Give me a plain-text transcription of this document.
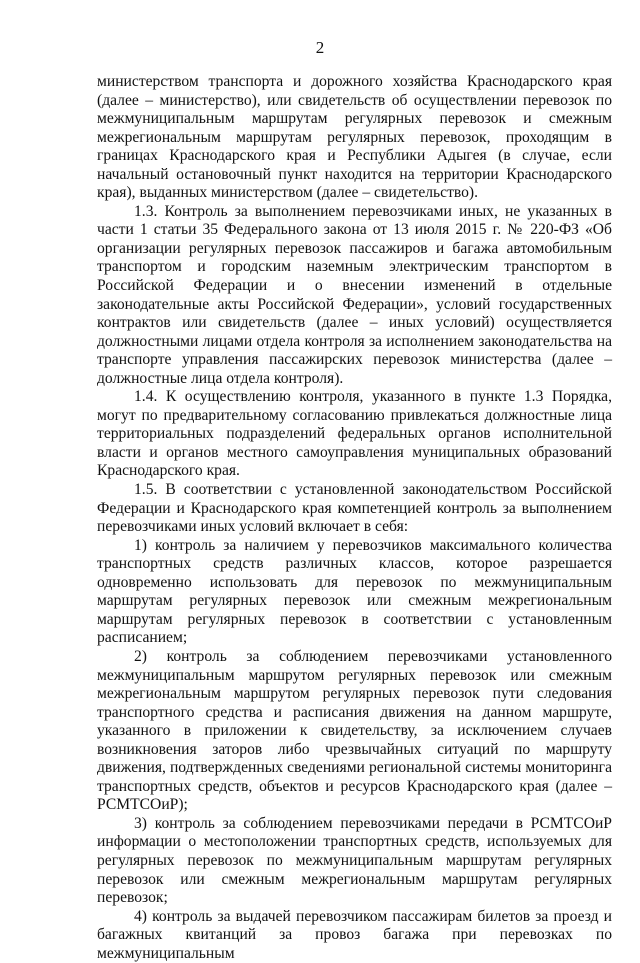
2

министерством транспорта и дорожного хозяйства Краснодарского края (далее – министерство), или свидетельств об осуществлении перевозок по межмуниципальным маршрутам регулярных перевозок и смежным межрегиональным маршрутам регулярных перевозок, проходящим в границах Краснодарского края и Республики Адыгея (в случае, если начальный остановочный пункт находится на территории Краснодарского края), выданных министерством (далее – свидетельство).

1.3. Контроль за выполнением перевозчиками иных, не указанных в части 1 статьи 35 Федерального закона от 13 июля 2015 г. № 220-ФЗ «Об организации регулярных перевозок пассажиров и багажа автомобильным транспортом и городским наземным электрическим транспортом в Российской Федерации и о внесении изменений в отдельные законодательные акты Российской Федерации», условий государственных контрактов или свидетельств (далее – иных условий) осуществляется должностными лицами отдела контроля за исполнением законодательства на транспорте управления пассажирских перевозок министерства (далее – должностные лица отдела контроля).

1.4. К осуществлению контроля, указанного в пункте 1.3 Порядка, могут по предварительному согласованию привлекаться должностные лица территориальных подразделений федеральных органов исполнительной власти и органов местного самоуправления муниципальных образований Краснодарского края.

1.5. В соответствии с установленной законодательством Российской Федерации и Краснодарского края компетенцией контроль за выполнением перевозчиками иных условий включает в себя:

1) контроль за наличием у перевозчиков максимального количества транспортных средств различных классов, которое разрешается одновременно использовать для перевозок по межмуниципальным маршрутам регулярных перевозок или смежным межрегиональным маршрутам регулярных перевозок в соответствии с установленным расписанием;

2) контроль за соблюдением перевозчиками установленного межмуниципальным маршрутом регулярных перевозок или смежным межрегиональным маршрутом регулярных перевозок пути следования транспортного средства и расписания движения на данном маршруте, указанного в приложении к свидетельству, за исключением случаев возникновения заторов либо чрезвычайных ситуаций по маршруту движения, подтвержденных сведениями региональной системы мониторинга транспортных средств, объектов и ресурсов Краснодарского края (далее – РСМТСОиР);

3) контроль за соблюдением перевозчиками передачи в РСМТСОиР информации о местоположении транспортных средств, используемых для регулярных перевозок по межмуниципальным маршрутам регулярных перевозок или смежным межрегиональным маршрутам регулярных перевозок;

4) контроль за выдачей перевозчиком пассажирам билетов за проезд и багажных квитанций за провоз багажа при перевозках по межмуниципальным
